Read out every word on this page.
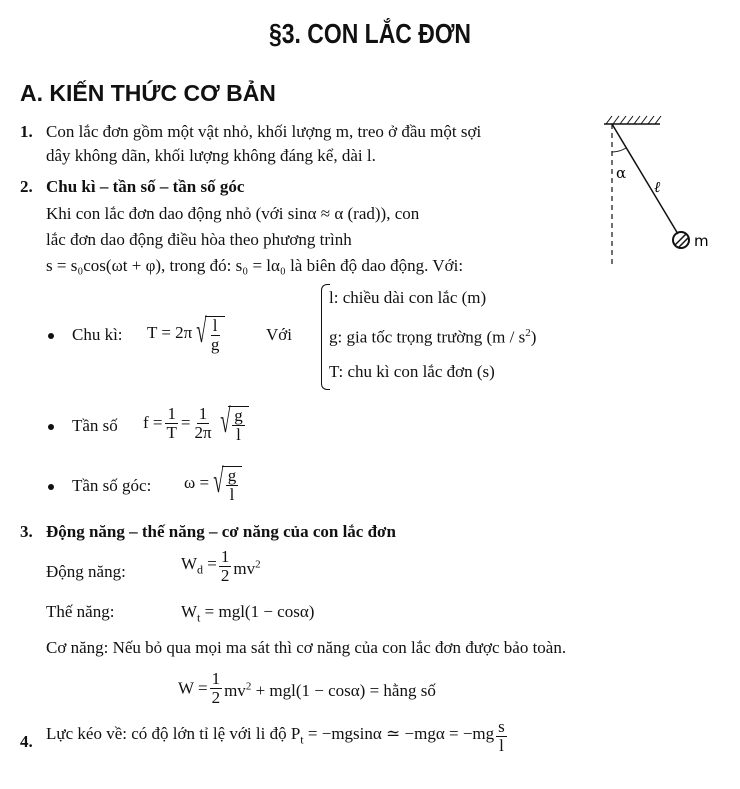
§3. CON LẮC ĐƠN
A. KIẾN THỨC CƠ BẢN
1. Con lắc đơn gồm một vật nhỏ, khối lượng m, treo ở đầu một sợi
dây không dãn, khối lượng không đáng kể, dài l.
2. Chu kì – tần số – tần số góc
Khi con lắc đơn dao động nhỏ (với sinα ≈ α (rad)), con
lắc đơn dao động điều hòa theo phương trình
s = s₀cos(ωt + φ), trong đó: s₀ = lα₀ là biên độ dao động. Với:
Chu kì: T = 2π √ $\frac{l}{g}$	Với
l: chiều dài con lắc (m)
g: gia tốc trọng trường $(m / s^2)$
T: chu kì con lắc đơn (s)
Tần số $f = \frac{1}{T} = \frac{1}{2\pi}$ √ $\frac{g}{l}$
Tần số góc: ω = √ $\frac{g}{l}$
3. Động năng – thế năng – cơ năng của con lắc đơn
Động năng:	$W_d = \frac{1}{2} mv^2$
Thế năng:	$W_t = mgl(1 - \cos\alpha)$
Cơ năng: Nếu bỏ qua mọi ma sát thì cơ năng của con lắc đơn được bảo toàn.
$W = \frac{1}{2} mv^2 + mgl(1 - \cos\alpha)$ = hằng số
4. Lực kéo về: có độ lớn tỉ lệ với li độ $P_t = -mgsin\alpha$ ≃ $-mg\alpha = -mg \frac{s}{l}$
α
ℓ
m
